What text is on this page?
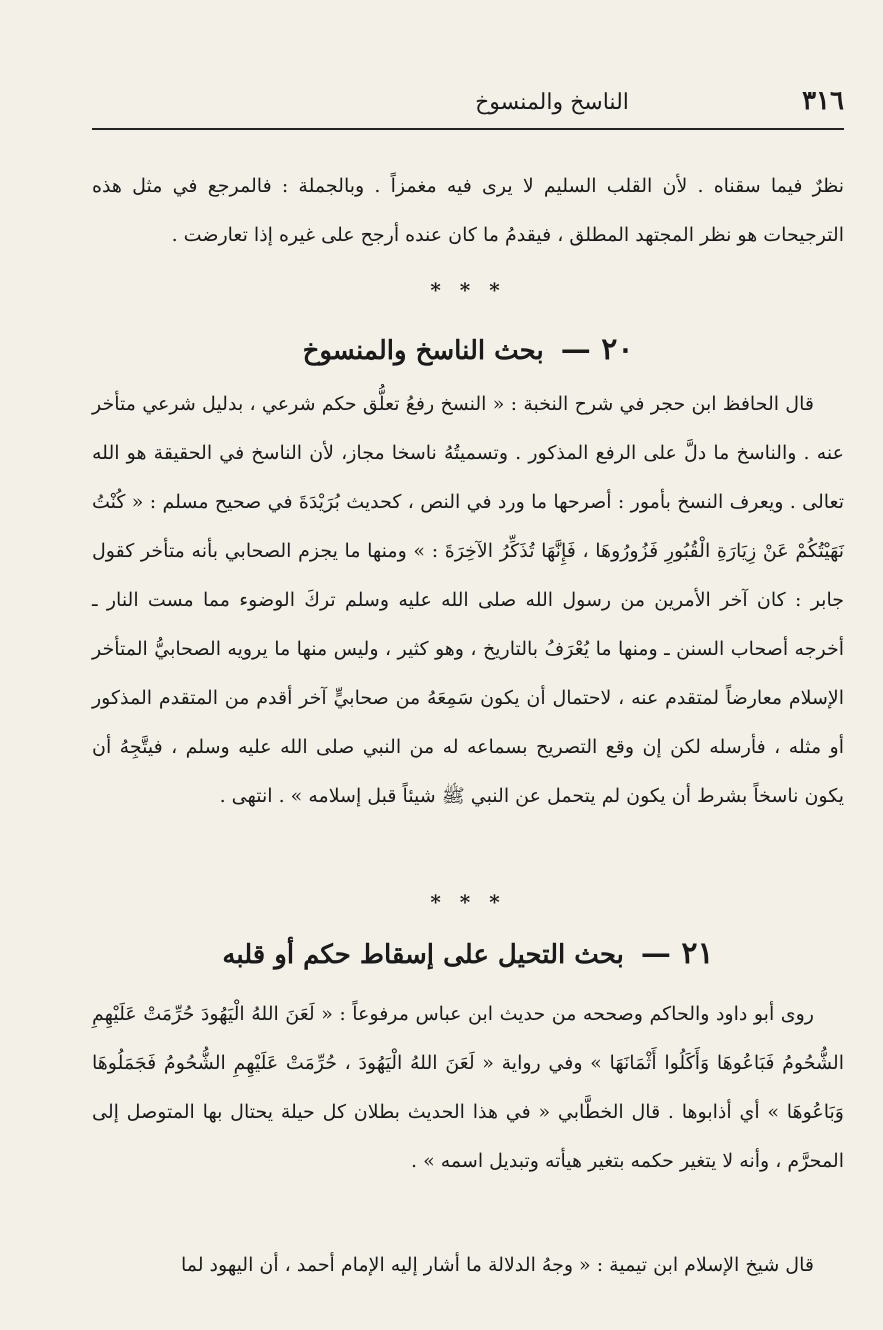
٣١٦
الناسخ والمنسوخ

نظرٌ فيما سقناه . لأن القلب السليم لا يرى فيه مغمزاً . وبالجملة : فالمرجع في مثل هذه الترجيحات هو نظر المجتهد المطلق ، فيقدمُ ما كان عنده أرجح على غيره إذا تعارضت .

* * *
٢٠ — بحث الناسخ والمنسوخ

قال الحافظ ابن حجر في شرح النخبة : « النسخ رفعُ تعلُّق حكم شرعي ، بدليل شرعي متأخر عنه . والناسخ ما دلَّ على الرفع المذكور . وتسميتُهُ ناسخا مجاز، لأن الناسخ في الحقيقة هو الله تعالى . ويعرف النسخ بأمور : أصرحها ما ورد في النص ، كحديث بُرَيْدَةَ في صحيح مسلم : « كُنْتُ نَهَيْتُكُمْ عَنْ زِيَارَةِ الْقُبُورِ فَزُورُوهَا ، فَإِنَّهَا تُذَكِّرُ الآخِرَةَ : » ومنها ما يجزم الصحابي بأنه متأخر كقول جابر : كان آخر الأمرين من رسول الله صلى الله عليه وسلم تركَ الوضوء مما مست النار ـ أخرجه أصحاب السنن ـ ومنها ما يُعْرَفُ بالتاريخ ، وهو كثير ، وليس منها ما يرويه الصحابيُّ المتأخر الإسلام معارضاً لمتقدم عنه ، لاحتمال أن يكون سَمِعَهُ من صحابيٍّ آخر أقدم من المتقدم المذكور أو مثله ، فأرسله لكن إن وقع التصريح بسماعه له من النبي صلى الله عليه وسلم ، فيتَّجِهُ أن يكون ناسخاً بشرط أن يكون لم يتحمل عن النبي ﷺ شيئاً قبل إسلامه » . انتهى .

* * *
٢١ — بحث التحيل على إسقاط حكم أو قلبه

روى أبو داود والحاكم وصححه من حديث ابن عباس مرفوعاً : « لَعَنَ اللهُ الْيَهُودَ حُرِّمَتْ عَلَيْهِمِ الشُّحُومُ فَبَاعُوهَا وَأَكَلُوا أَثْمَانَهَا » وفي رواية « لَعَنَ اللهُ الْيَهُودَ ، حُرِّمَتْ عَلَيْهِمِ الشُّحُومُ فَجَمَلُوهَا وَبَاعُوهَا » أي أذابوها . قال الخطَّابي « في هذا الحديث بطلان كل حيلة يحتال بها المتوصل إلى المحرَّم ، وأنه لا يتغير حكمه بتغير هيأته وتبديل اسمه » .

قال شيخ الإسلام ابن تيمية : « وجهُ الدلالة ما أشار إليه الإمام أحمد ، أن اليهود لما
